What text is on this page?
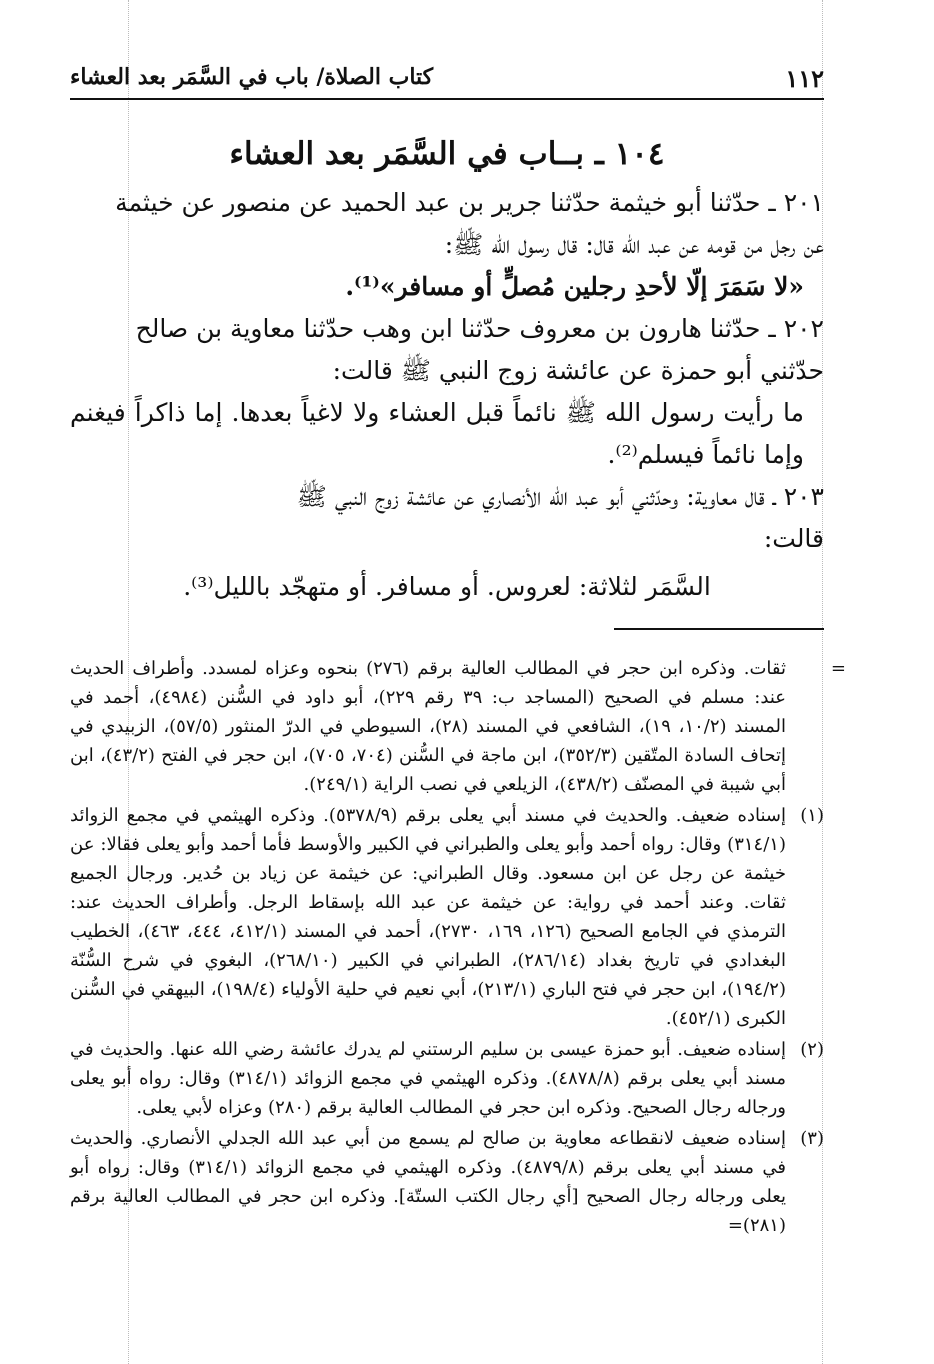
١١٢
كتاب الصلاة/ باب في السَّمَر بعد العشاء
١٠٤ ـ بــاب في السَّمَر بعد العشاء

٢٠١ ـ حدّثنا أبو خيثمة حدّثنا جرير بن عبد الحميد عن منصور عن خيثمة

عن رجل من قومه عن عبد الله قال: قال رسول الله ﷺ:

«لا سَمَرَ إلّا لأحدِ رجلين مُصلٍّ أو مسافر»⁽¹⁾.

٢٠٢ ـ حدّثنا هارون بن معروف حدّثنا ابن وهب حدّثنا معاوية بن صالح

حدّثني أبو حمزة عن عائشة زوج النبي ﷺ قالت:

ما رأيت رسول الله ﷺ نائماً قبل العشاء ولا لاغياً بعدها. إما ذاكراً فيغنم وإما نائماً فيسلم⁽²⁾.

٢٠٣ ـ قال معاوية: وحدّثني أبو عبد الله الأنصاري عن عائشة زوج النبي ﷺ

قالت:

السَّمَر لثلاثة: لعروس. أو مسافر. أو متهجّد بالليل⁽³⁾.

=
ثقات. وذكره ابن حجر في المطالب العالية برقم (٢٧٦) بنحوه وعزاه لمسدد. وأطراف الحديث عند: مسلم في الصحيح (المساجد ب: ٣٩ رقم ٢٢٩)، أبو داود في السُّنن (٤٩٨٤)، أحمد في المسند (١٠/٢، ١٩)، الشافعي في المسند (٢٨)، السيوطي في الدرّ المنثور (٥٧/٥)، الزبيدي في إتحاف السادة المتّقين (٣٥٢/٣)، ابن ماجة في السُّنن (٧٠٤، ٧٠٥)، ابن حجر في الفتح (٤٣/٢)، ابن أبي شيبة في المصنّف (٤٣٨/٢)، الزيلعي في نصب الراية (٢٤٩/١).

(١)
إسناده ضعيف. والحديث في مسند أبي يعلى برقم (٥٣٧٨/٩). وذكره الهيثمي في مجمع الزوائد (٣١٤/١) وقال: رواه أحمد وأبو يعلى والطبراني في الكبير والأوسط فأما أحمد وأبو يعلى فقالا: عن خيثمة عن رجل عن ابن مسعود. وقال الطبراني: عن خيثمة عن زياد بن حُدير. ورجال الجميع ثقات. وعند أحمد في رواية: عن خيثمة عن عبد الله بإسقاط الرجل. وأطراف الحديث عند: الترمذي في الجامع الصحيح (١٢٦، ١٦٩، ٢٧٣٠)، أحمد في المسند (٤١٢/١، ٤٤٤، ٤٦٣)، الخطيب البغدادي في تاريخ بغداد (٢٨٦/١٤)، الطبراني في الكبير (٢٦٨/١٠)، البغوي في شرح السُّنّة (١٩٤/٢)، ابن حجر في فتح الباري (٢١٣/١)، أبي نعيم في حلية الأولياء (١٩٨/٤)، البيهقي في السُّنن الكبرى (٤٥٢/١).

(٢)
إسناده ضعيف. أبو حمزة عيسى بن سليم الرستني لم يدرك عائشة رضي الله عنها. والحديث في مسند أبي يعلى برقم (٤٨٧٨/٨). وذكره الهيثمي في مجمع الزوائد (٣١٤/١) وقال: رواه أبو يعلى ورجاله رجال الصحيح. وذكره ابن حجر في المطالب العالية برقم (٢٨٠) وعزاه لأبي يعلى.

(٣)
إسناده ضعيف لانقطاعه معاوية بن صالح لم يسمع من أبي عبد الله الجدلي الأنصاري. والحديث في مسند أبي يعلى برقم (٤٨٧٩/٨). وذكره الهيثمي في مجمع الزوائد (٣١٤/١) وقال: رواه أبو يعلى ورجاله رجال الصحيح [أي رجال الكتب الستّة]. وذكره ابن حجر في المطالب العالية برقم (٢٨١)=
